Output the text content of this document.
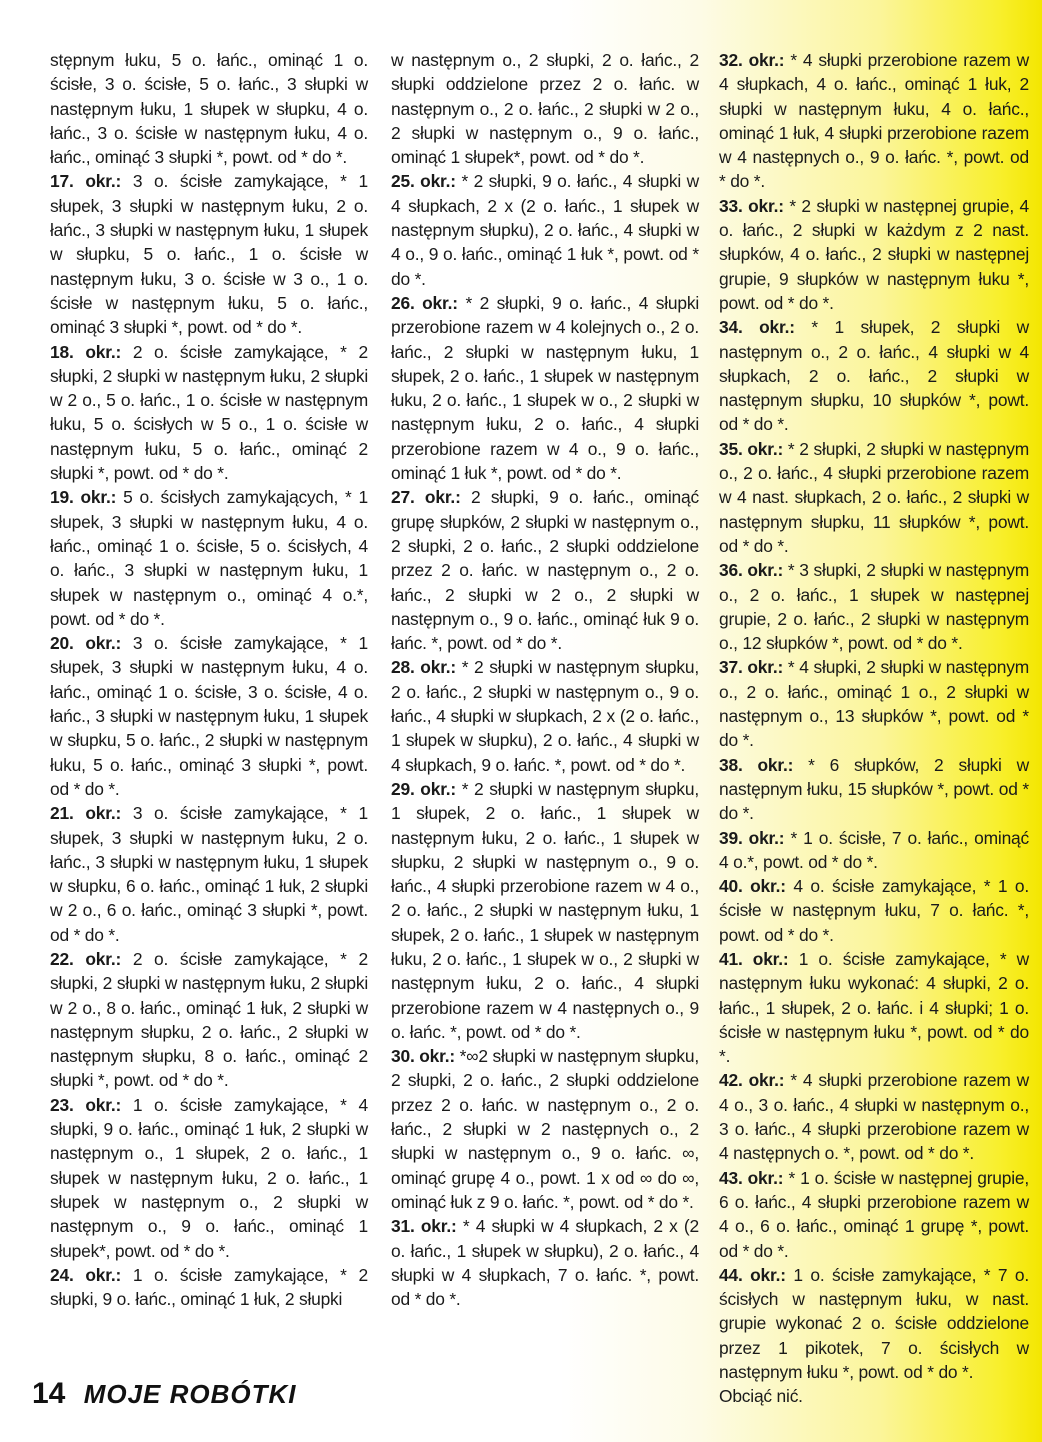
stępnym łuku, 5 o. łańc., ominąć 1 o. ścisłe, 3 o. ścisłe, 5 o. łańc., 3 słupki w następnym łuku, 1 słupek w słupku, 4 o. łańc., 3 o. ścisłe w następnym łuku, 4 o. łańc., ominąć 3 słupki *, powt. od * do *.

17. okr.: 3 o. ścisłe zamykające, * 1 słupek, 3 słupki w następnym łuku, 2 o. łańc., 3 słupki w następnym łuku, 1 słupek w słupku, 5 o. łańc., 1 o. ścisłe w następnym łuku, 3 o. ścisłe w 3 o., 1 o. ścisłe w następnym łuku, 5 o. łańc., ominąć 3 słupki *, powt. od * do *.

18. okr.: 2 o. ścisłe zamykające, * 2 słupki, 2 słupki w następnym łuku, 2 słupki w 2 o., 5 o. łańc., 1 o. ścisłe w następnym łuku, 5 o. ścisłych w 5 o., 1 o. ścisłe w następnym łuku, 5 o. łańc., ominąć 2 słupki *, powt. od * do *.

19. okr.: 5 o. ścisłych zamykających, * 1 słupek, 3 słupki w następnym łuku, 4 o. łańc., ominąć 1 o. ścisłe, 5 o. ścisłych, 4 o. łańc., 3 słupki w następnym łuku, 1 słupek w następnym o., ominąć 4 o.*, powt. od * do *.

20. okr.: 3 o. ścisłe zamykające, * 1 słupek, 3 słupki w następnym łuku, 4 o. łańc., ominąć 1 o. ścisłe, 3 o. ścisłe, 4 o. łańc., 3 słupki w następnym łuku, 1 słupek w słupku, 5 o. łańc., 2 słupki w następnym łuku, 5 o. łańc., ominąć 3 słupki *, powt. od * do *.

21. okr.: 3 o. ścisłe zamykające, * 1 słupek, 3 słupki w następnym łuku, 2 o. łańc., 3 słupki w następnym łuku, 1 słupek w słupku, 6 o. łańc., ominąć 1 łuk, 2 słupki w 2 o., 6 o. łańc., ominąć 3 słupki *, powt. od * do *.

22. okr.: 2 o. ścisłe zamykające, * 2 słupki, 2 słupki w następnym łuku, 2 słupki w 2 o., 8 o. łańc., ominąć 1 łuk, 2 słupki w następnym słupku, 2 o. łańc., 2 słupki w następnym słupku, 8 o. łańc., ominąć 2 słupki *, powt. od * do *.

23. okr.: 1 o. ścisłe zamykające, * 4 słupki, 9 o. łańc., ominąć 1 łuk, 2 słupki w następnym o., 1 słupek, 2 o. łańc., 1 słupek w następnym łuku, 2 o. łańc., 1 słupek w następnym o., 2 słupki w następnym o., 9 o. łańc., ominąć 1 słupek*, powt. od * do *.

24. okr.: 1 o. ścisłe zamykające, * 2 słupki, 9 o. łańc., ominąć 1 łuk, 2 słupki

w następnym o., 2 słupki, 2 o. łańc., 2 słupki oddzielone przez 2 o. łańc. w następnym o., 2 o. łańc., 2 słupki w 2 o., 2 słupki w następnym o., 9 o. łańc., ominąć 1 słupek*, powt. od * do *.

25. okr.: * 2 słupki, 9 o. łańc., 4 słupki w 4 słupkach, 2 x (2 o. łańc., 1 słupek w następnym słupku), 2 o. łańc., 4 słupki w 4 o., 9 o. łańc., ominąć 1 łuk *, powt. od * do *.

26. okr.: * 2 słupki, 9 o. łańc., 4 słupki przerobione razem w 4 kolejnych o., 2 o. łańc., 2 słupki w następnym łuku, 1 słupek, 2 o. łańc., 1 słupek w następnym łuku, 2 o. łańc., 1 słupek w o., 2 słupki w następnym łuku, 2 o. łańc., 4 słupki przerobione razem w 4 o., 9 o. łańc., ominąć 1 łuk *, powt. od * do *.

27. okr.: 2 słupki, 9 o. łańc., ominąć grupę słupków, 2 słupki w następnym o., 2 słupki, 2 o. łańc., 2 słupki oddzielone przez 2 o. łańc. w następnym o., 2 o. łańc., 2 słupki w 2 o., 2 słupki w następnym o., 9 o. łańc., ominąć łuk 9 o. łańc. *, powt. od * do *.

28. okr.: * 2 słupki w następnym słupku, 2 o. łańc., 2 słupki w następnym o., 9 o. łańc., 4 słupki w słupkach, 2 x (2 o. łańc., 1 słupek w słupku), 2 o. łańc., 4 słupki w 4 słupkach, 9 o. łańc. *, powt. od * do *.

29. okr.: * 2 słupki w następnym słupku, 1 słupek, 2 o. łańc., 1 słupek w następnym łuku, 2 o. łańc., 1 słupek w słupku, 2 słupki w następnym o., 9 o. łańc., 4 słupki przerobione razem w 4 o., 2 o. łańc., 2 słupki w następnym łuku, 1 słupek, 2 o. łańc., 1 słupek w następnym łuku, 2 o. łańc., 1 słupek w o., 2 słupki w następnym łuku, 2 o. łańc., 4 słupki przerobione razem w 4 następnych o., 9 o. łańc. *, powt. od * do *.

30. okr.: *∞2 słupki w następnym słupku, 2 słupki, 2 o. łańc., 2 słupki oddzielone przez 2 o. łańc. w następnym o., 2 o. łańc., 2 słupki w 2 następnych o., 2 słupki w następnym o., 9 o. łańc. ∞, ominąć grupę 4 o., powt. 1 x od ∞ do ∞, ominąć łuk z 9 o. łańc. *, powt. od * do *.

31. okr.: * 4 słupki w 4 słupkach, 2 x (2 o. łańc., 1 słupek w słupku), 2 o. łańc., 4 słupki w 4 słupkach, 7 o. łańc. *, powt. od * do *.

32. okr.: * 4 słupki przerobione razem w 4 słupkach, 4 o. łańc., ominąć 1 łuk, 2 słupki w następnym łuku, 4 o. łańc., ominąć 1 łuk, 4 słupki przerobione razem w 4 następnych o., 9 o. łańc. *, powt. od * do *.

33. okr.: * 2 słupki w następnej grupie, 4 o. łańc., 2 słupki w każdym z 2 nast. słupków, 4 o. łańc., 2 słupki w następnej grupie, 9 słupków w następnym łuku *, powt. od * do *.

34. okr.: * 1 słupek, 2 słupki w następnym o., 2 o. łańc., 4 słupki w 4 słupkach, 2 o. łańc., 2 słupki w następnym słupku, 10 słupków *, powt. od * do *.

35. okr.: * 2 słupki, 2 słupki w następnym o., 2 o. łańc., 4 słupki przerobione razem w 4 nast. słupkach, 2 o. łańc., 2 słupki w następnym słupku, 11 słupków *, powt. od * do *.

36. okr.: * 3 słupki, 2 słupki w następnym o., 2 o. łańc., 1 słupek w następnej grupie, 2 o. łańc., 2 słupki w następnym o., 12 słupków *, powt. od * do *.

37. okr.: * 4 słupki, 2 słupki w następnym o., 2 o. łańc., ominąć 1 o., 2 słupki w następnym o., 13 słupków *, powt. od * do *.

38. okr.: * 6 słupków, 2 słupki w następnym łuku, 15 słupków *, powt. od * do *.

39. okr.: * 1 o. ścisłe, 7 o. łańc., ominąć 4 o.*, powt. od * do *.

40. okr.: 4 o. ścisłe zamykające, * 1 o. ścisłe w następnym łuku, 7 o. łańc. *, powt. od * do *.

41. okr.: 1 o. ścisłe zamykające, * w następnym łuku wykonać: 4 słupki, 2 o. łańc., 1 słupek, 2 o. łańc. i 4 słupki; 1 o. ścisłe w następnym łuku *, powt. od * do *.

42. okr.: * 4 słupki przerobione razem w 4 o., 3 o. łańc., 4 słupki w następnym o., 3 o. łańc., 4 słupki przerobione razem w 4 następnych o. *, powt. od * do *.

43. okr.: * 1 o. ścisłe w następnej grupie, 6 o. łańc., 4 słupki przerobione razem w 4 o., 6 o. łańc., ominąć 1 grupę *, powt. od * do *.

44. okr.: 1 o. ścisłe zamykające, * 7 o. ścisłych w następnym łuku, w nast. grupie wykonać 2 o. ścisłe oddzielone przez 1 pikotek, 7 o. ścisłych w następnym łuku *, powt. od * do *.

Obciąć nić.

14 MOJE ROBÓTKI
